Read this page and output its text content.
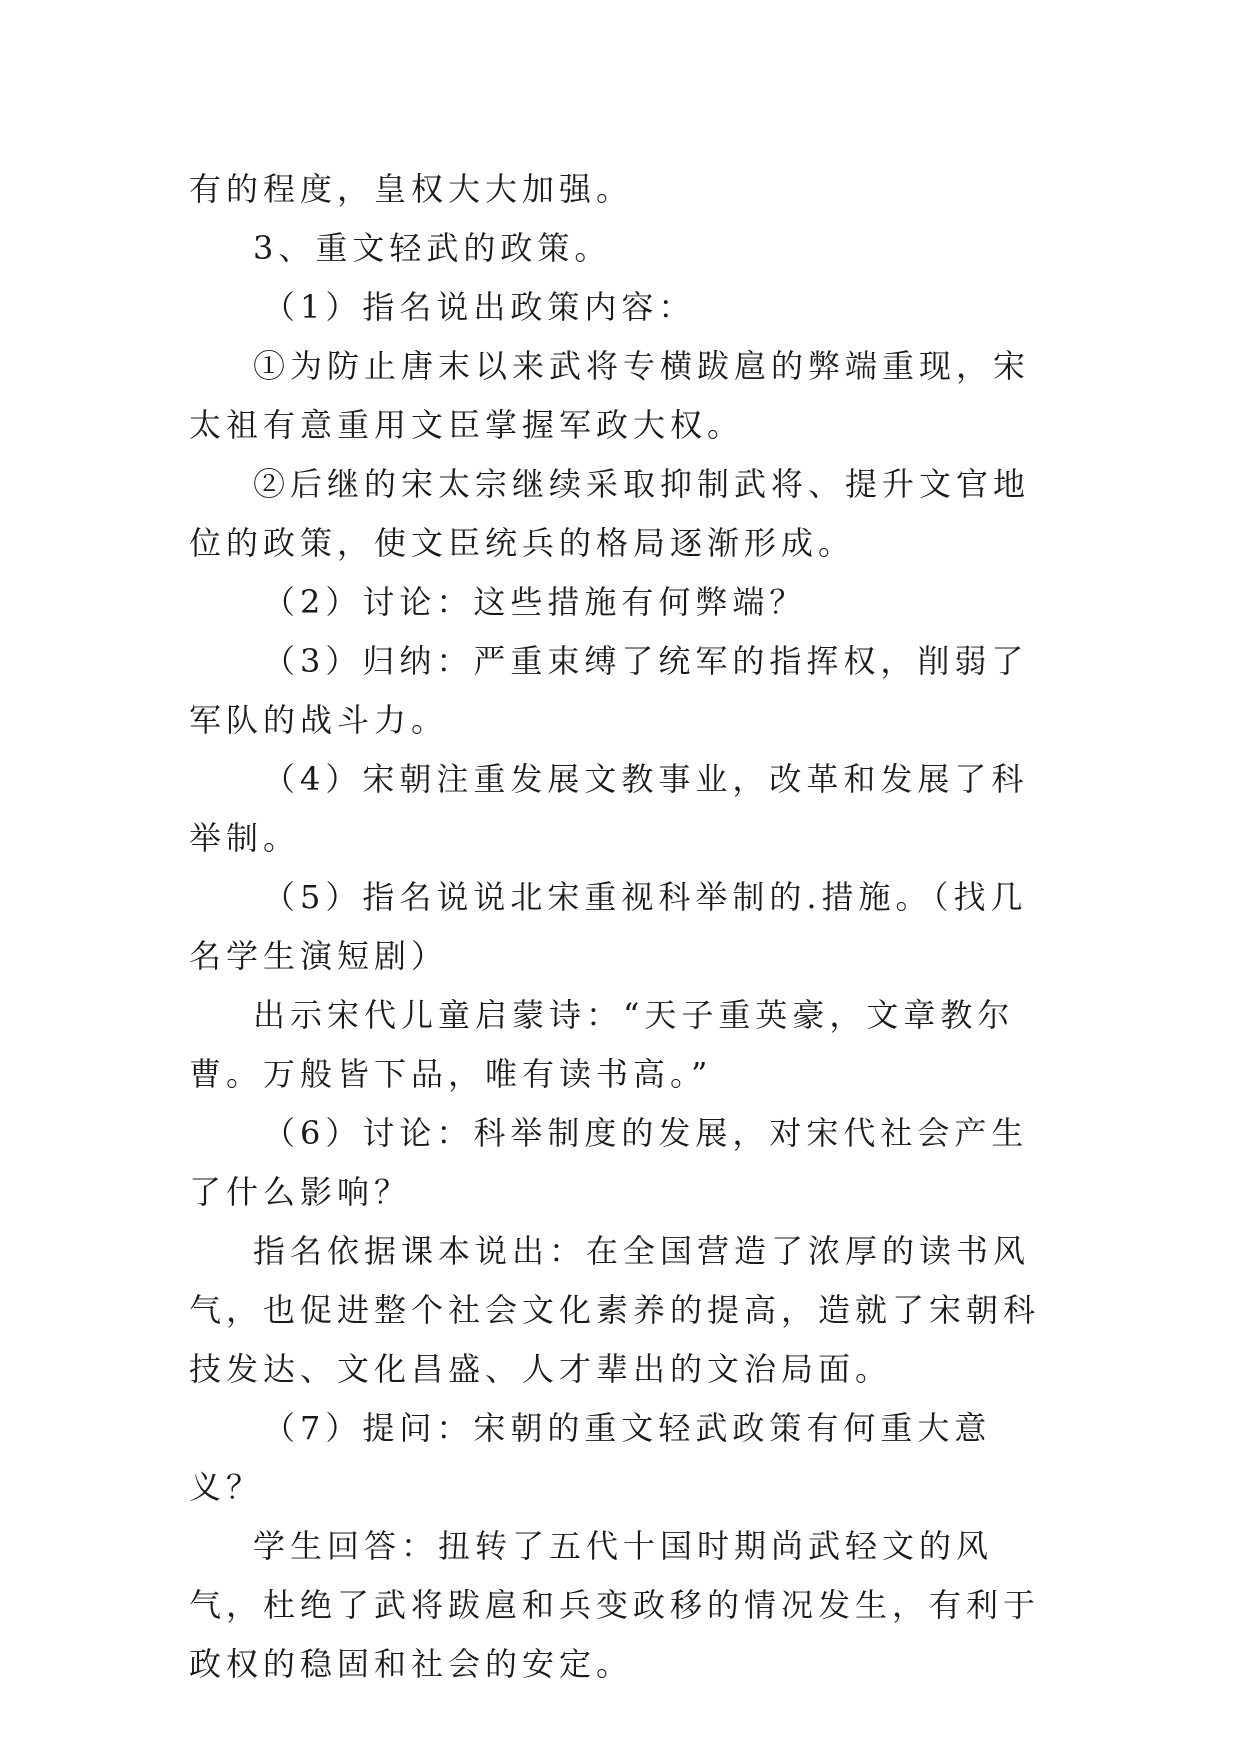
有的程度，皇权大大加强。

3、重文轻武的政策。

（1）指名说出政策内容：

①为防止唐末以来武将专横跋扈的弊端重现，宋太祖有意重用文臣掌握军政大权。

②后继的宋太宗继续采取抑制武将、提升文官地位的政策，使文臣统兵的格局逐渐形成。

（2）讨论：这些措施有何弊端？

（3）归纳：严重束缚了统军的指挥权，削弱了军队的战斗力。

（4）宋朝注重发展文教事业，改革和发展了科举制。

（5）指名说说北宋重视科举制的.措施。（找几名学生演短剧）

出示宋代儿童启蒙诗：“天子重英豪，文章教尔曹。万般皆下品，唯有读书高。”

（6）讨论：科举制度的发展，对宋代社会产生了什么影响？

指名依据课本说出：在全国营造了浓厚的读书风气，也促进整个社会文化素养的提高，造就了宋朝科技发达、文化昌盛、人才辈出的文治局面。

（7）提问：宋朝的重文轻武政策有何重大意义？

学生回答：扭转了五代十国时期尚武轻文的风气，杜绝了武将跋扈和兵变政移的情况发生，有利于政权的稳固和社会的安定。
